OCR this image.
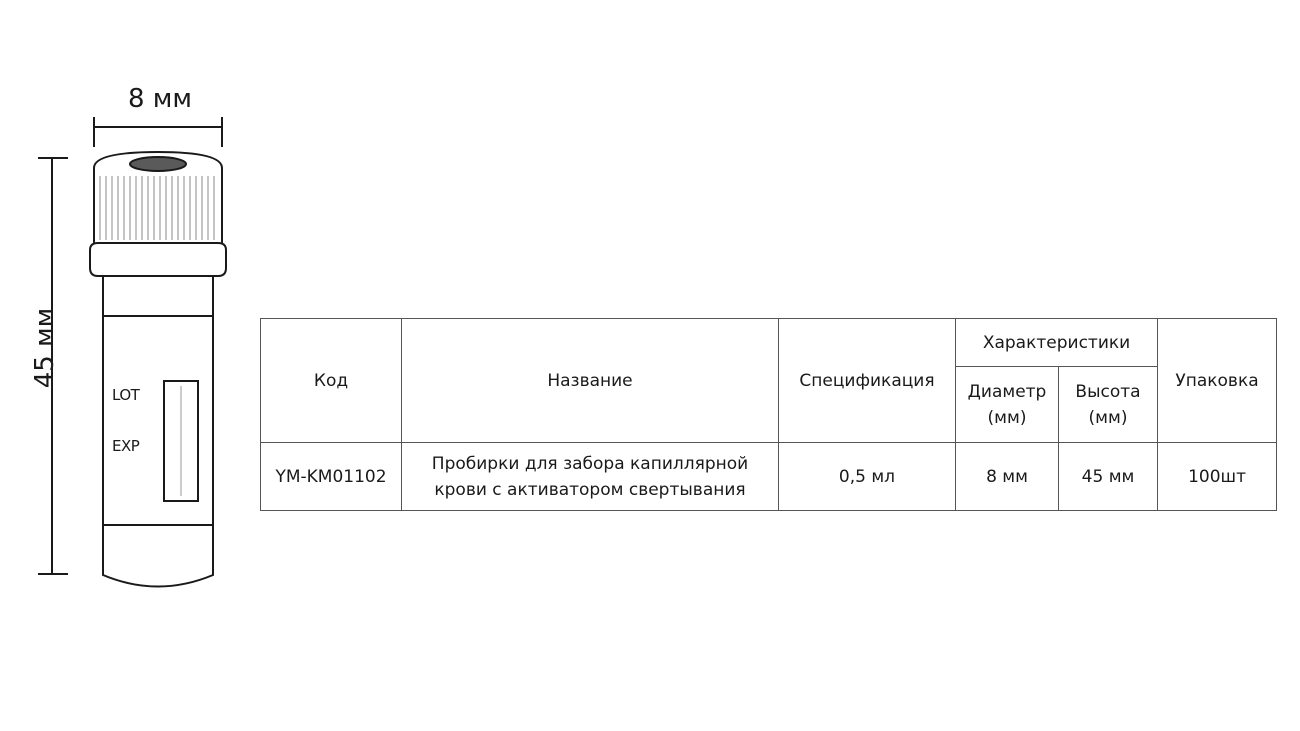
8 мм
45 мм
LOT
EXP
Код	Название	Спецификация	Характеристики		Упаковка
			Диаметр (мм)	Высота (мм)	
YM-KM01102	Пробирки для забора капиллярной крови с активатором свертывания	0,5 мл	8 мм	45 мм	100шт
